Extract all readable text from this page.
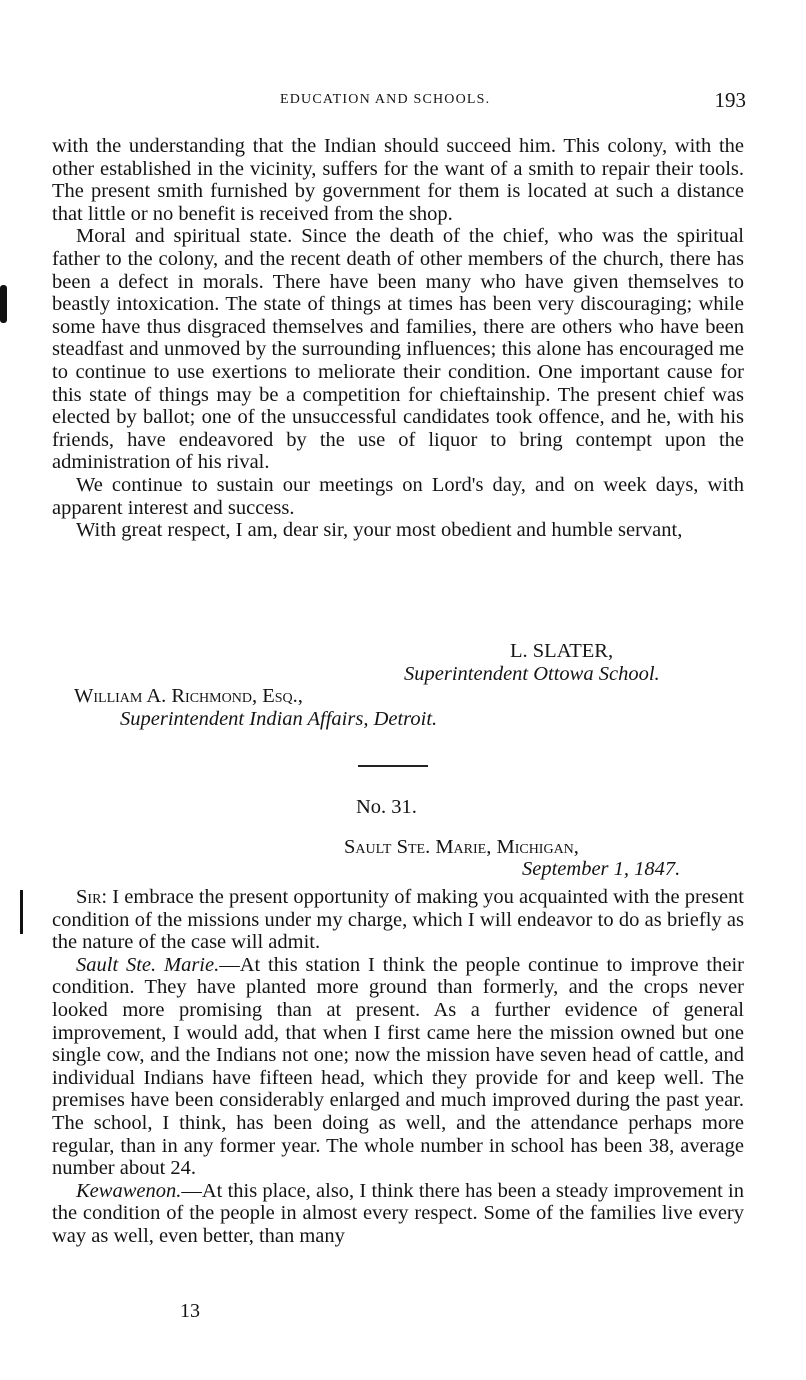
EDUCATION AND SCHOOLS.	193

with the understanding that the Indian should succeed him. This colony, with the other established in the vicinity, suffers for the want of a smith to repair their tools. The present smith furnished by government for them is located at such a distance that little or no benefit is received from the shop.

Moral and spiritual state. Since the death of the chief, who was the spiritual father to the colony, and the recent death of other members of the church, there has been a defect in morals. There have been many who have given themselves to beastly intoxication. The state of things at times has been very discouraging; while some have thus disgraced themselves and families, there are others who have been steadfast and unmoved by the surrounding influences; this alone has encouraged me to continue to use exertions to meliorate their condition. One important cause for this state of things may be a competition for chieftainship. The present chief was elected by ballot; one of the unsuccessful candidates took offence, and he, with his friends, have endeavored by the use of liquor to bring contempt upon the administration of his rival.

We continue to sustain our meetings on Lord's day, and on week days, with apparent interest and success.

With great respect, I am, dear sir, your most obedient and humble servant,

L. SLATER,
Superintendent Ottowa School.
William A. Richmond, Esq.,
Superintendent Indian Affairs, Detroit.
No. 31.
Sault Ste. Marie, Michigan,
September 1, 1847.

Sir: I embrace the present opportunity of making you acquainted with the present condition of the missions under my charge, which I will endeavor to do as briefly as the nature of the case will admit.

Sault Ste. Marie.—At this station I think the people continue to improve their condition. They have planted more ground than formerly, and the crops never looked more promising than at present. As a further evidence of general improvement, I would add, that when I first came here the mission owned but one single cow, and the Indians not one; now the mission have seven head of cattle, and individual Indians have fifteen head, which they provide for and keep well. The premises have been considerably enlarged and much improved during the past year. The school, I think, has been doing as well, and the attendance perhaps more regular, than in any former year. The whole number in school has been 38, average number about 24.

Kewawenon.—At this place, also, I think there has been a steady improvement in the condition of the people in almost every respect. Some of the families live every way as well, even better, than many

13
